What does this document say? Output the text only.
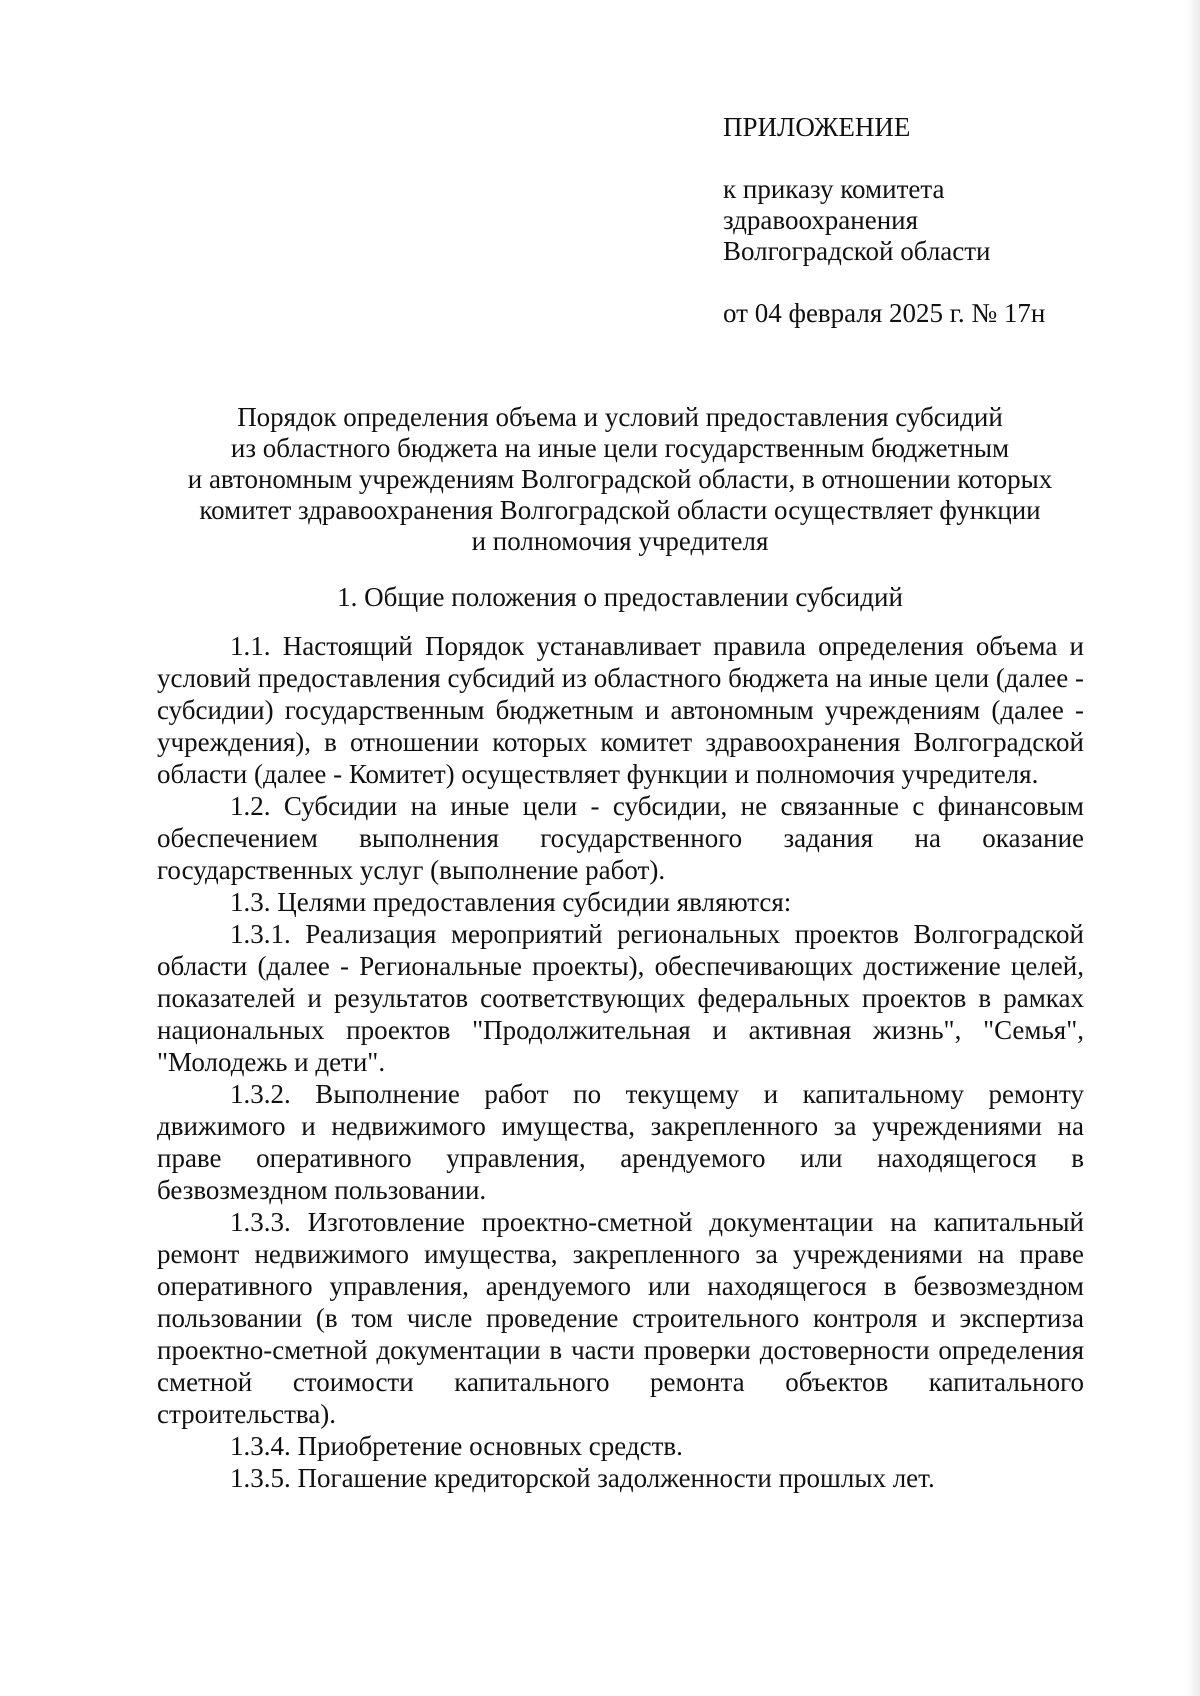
ПРИЛОЖЕНИЕ
к приказу комитета
здравоохранения
Волгоградской области
от 04 февраля 2025 г. № 17н
Порядок определения объема и условий предоставления субсидий
из областного бюджета на иные цели государственным бюджетным
и автономным учреждениям Волгоградской области, в отношении которых
комитет здравоохранения Волгоградской области осуществляет функции
и полномочия учредителя
1. Общие положения о предоставлении субсидий

1.1. Настоящий Порядок устанавливает правила определения объема и условий предоставления субсидий из областного бюджета на иные цели (далее - субсидии) государственным бюджетным и автономным учреждениям (далее - учреждения), в отношении которых комитет здравоохранения Волгоградской области (далее - Комитет) осуществляет функции и полномочия учредителя.

1.2. Субсидии на иные цели - субсидии, не связанные с финансовым обеспечением выполнения государственного задания на оказание государственных услуг (выполнение работ).

1.3. Целями предоставления субсидии являются:

1.3.1. Реализация мероприятий региональных проектов Волгоградской области (далее - Региональные проекты), обеспечивающих достижение целей, показателей и результатов соответствующих федеральных проектов в рамках национальных проектов "Продолжительная и активная жизнь", "Семья", "Молодежь и дети".

1.3.2. Выполнение работ по текущему и капитальному ремонту движимого и недвижимого имущества, закрепленного за учреждениями на праве оперативного управления, арендуемого или находящегося в безвозмездном пользовании.

1.3.3. Изготовление проектно-сметной документации на капитальный ремонт недвижимого имущества, закрепленного за учреждениями на праве оперативного управления, арендуемого или находящегося в безвозмездном пользовании (в том числе проведение строительного контроля и экспертиза проектно-сметной документации в части проверки достоверности определения сметной стоимости капитального ремонта объектов капитального строительства).

1.3.4. Приобретение основных средств.

1.3.5. Погашение кредиторской задолженности прошлых лет.
